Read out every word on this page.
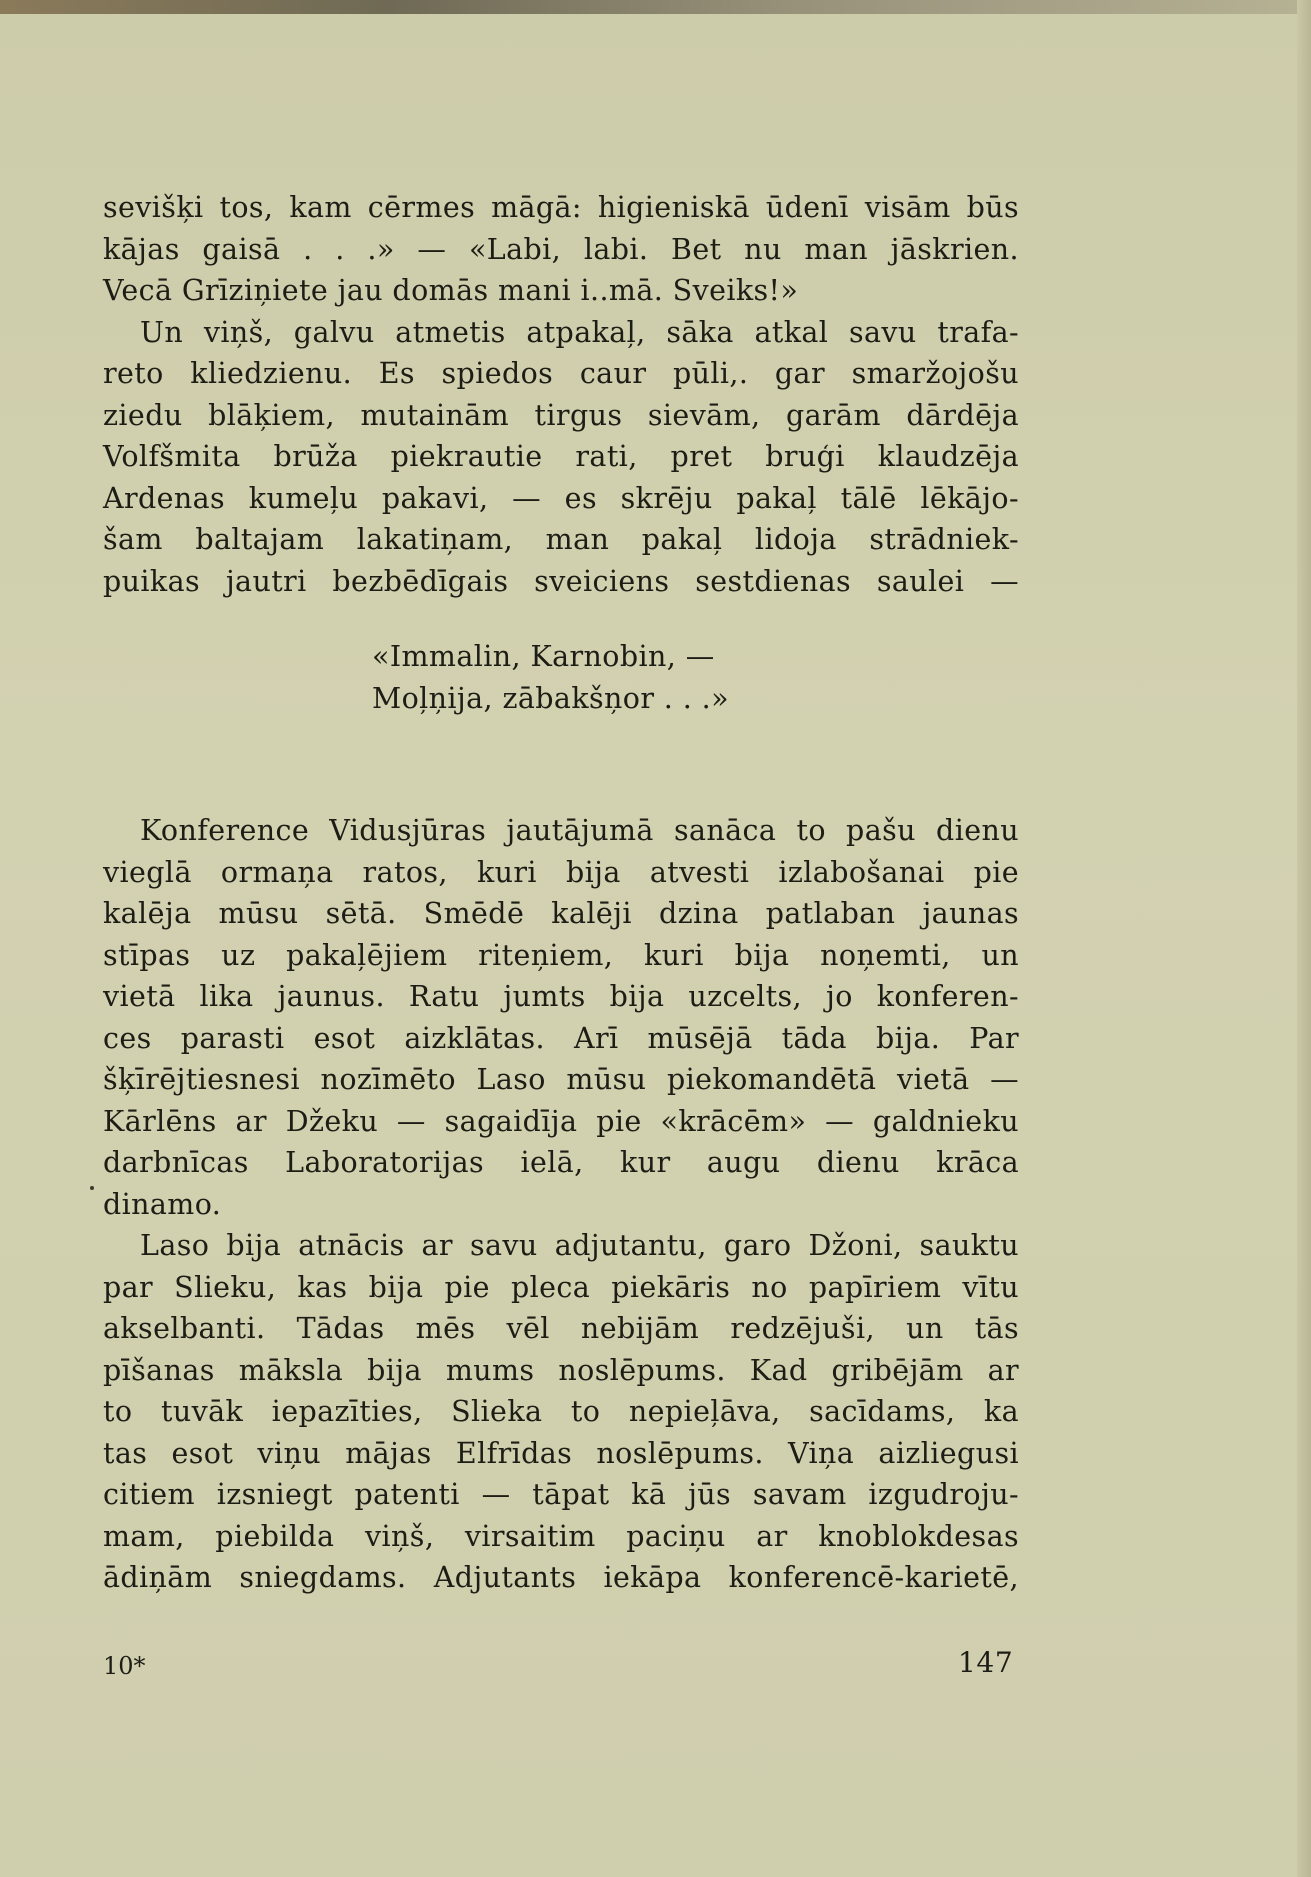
sevišķi tos, kam cērmes māgā: higieniskā ūdenī visām būs
kājas gaisā . . .» — «Labi, labi. Bet nu man jāskrien.
Vecā Grīziņiete jau domās mani i..mā. Sveiks!»
Un viņš, galvu atmetis atpakaļ, sāka atkal savu trafa-
reto kliedzienu. Es spiedos caur pūli,. gar smaržojošu
ziedu blāķiem, mutainām tirgus sievām, garām dārdēja
Volfšmita brūža piekrautie rati, pret bruģi klaudzēja
Ardenas kumeļu pakavi, — es skrēju pakaļ tālē lēkājo-
šam baltajam lakatiņam, man pakaļ lidoja strādniek-
puikas jautri bezbēdīgais sveiciens sestdienas saulei —
«Immalin, Karnobin, —
Moļņija, zābakšņor . . .»
Konference Vidusjūras jautājumā sanāca to pašu dienu
vieglā ormaņa ratos, kuri bija atvesti izlabošanai pie
kalēja mūsu sētā. Smēdē kalēji dzina patlaban jaunas
stīpas uz pakaļējiem riteņiem, kuri bija noņemti, un
vietā lika jaunus. Ratu jumts bija uzcelts, jo konferen-
ces parasti esot aizklātas. Arī mūsējā tāda bija. Par
šķīrējtiesnesi nozīmēto Laso mūsu piekomandētā vietā —
Kārlēns ar Džeku — sagaidīja pie «krācēm» — galdnieku
darbnīcas Laboratorijas ielā, kur augu dienu krāca
dinamo.
Laso bija atnācis ar savu adjutantu, garo Džoni, sauktu
par Slieku, kas bija pie pleca piekāris no papīriem vītu
akselbanti. Tādas mēs vēl nebijām redzējuši, un tās
pīšanas māksla bija mums noslēpums. Kad gribējām ar
to tuvāk iepazīties, Slieka to nepieļāva, sacīdams, ka
tas esot viņu mājas Elfrīdas noslēpums. Viņa aizliegusi
citiem izsniegt patenti — tāpat kā jūs savam izgudroju-
mam, piebilda viņš, virsaitim paciņu ar knoblokdesas
ādiņām sniegdams. Adjutants iekāpa konferencē-karietē,
10*	147
